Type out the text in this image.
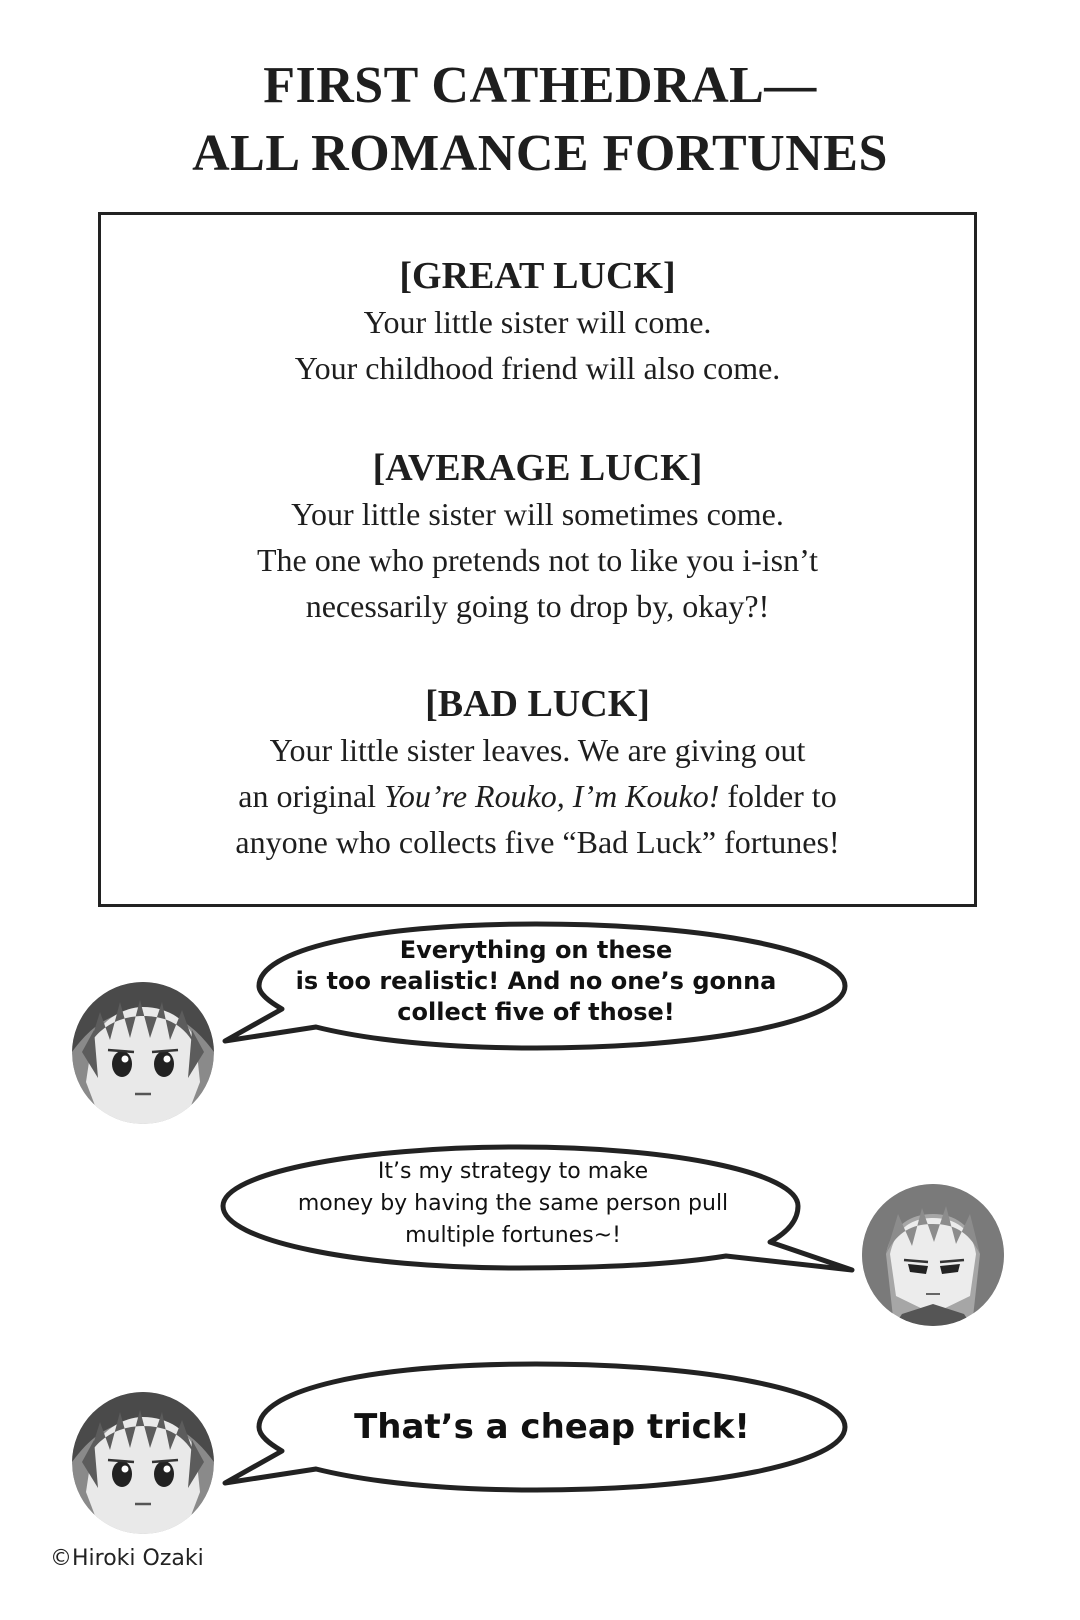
FIRST CATHEDRAL—
ALL ROMANCE FORTUNES
[GREAT LUCK]
Your little sister will come.
Your childhood friend will also come.
[AVERAGE LUCK]
Your little sister will sometimes come.
The one who pretends not to like you i-isn’t
necessarily going to drop by, okay?!
[BAD LUCK]
Your little sister leaves. We are giving out
an original You’re Rouko, I’m Kouko! folder to
anyone who collects five “Bad Luck” fortunes!
Everything on these
is too realistic! And no one’s gonna
collect five of those!
It’s my strategy to make
money by having the same person pull
multiple fortunes~!
That’s a cheap trick!
©Hiroki Ozaki
